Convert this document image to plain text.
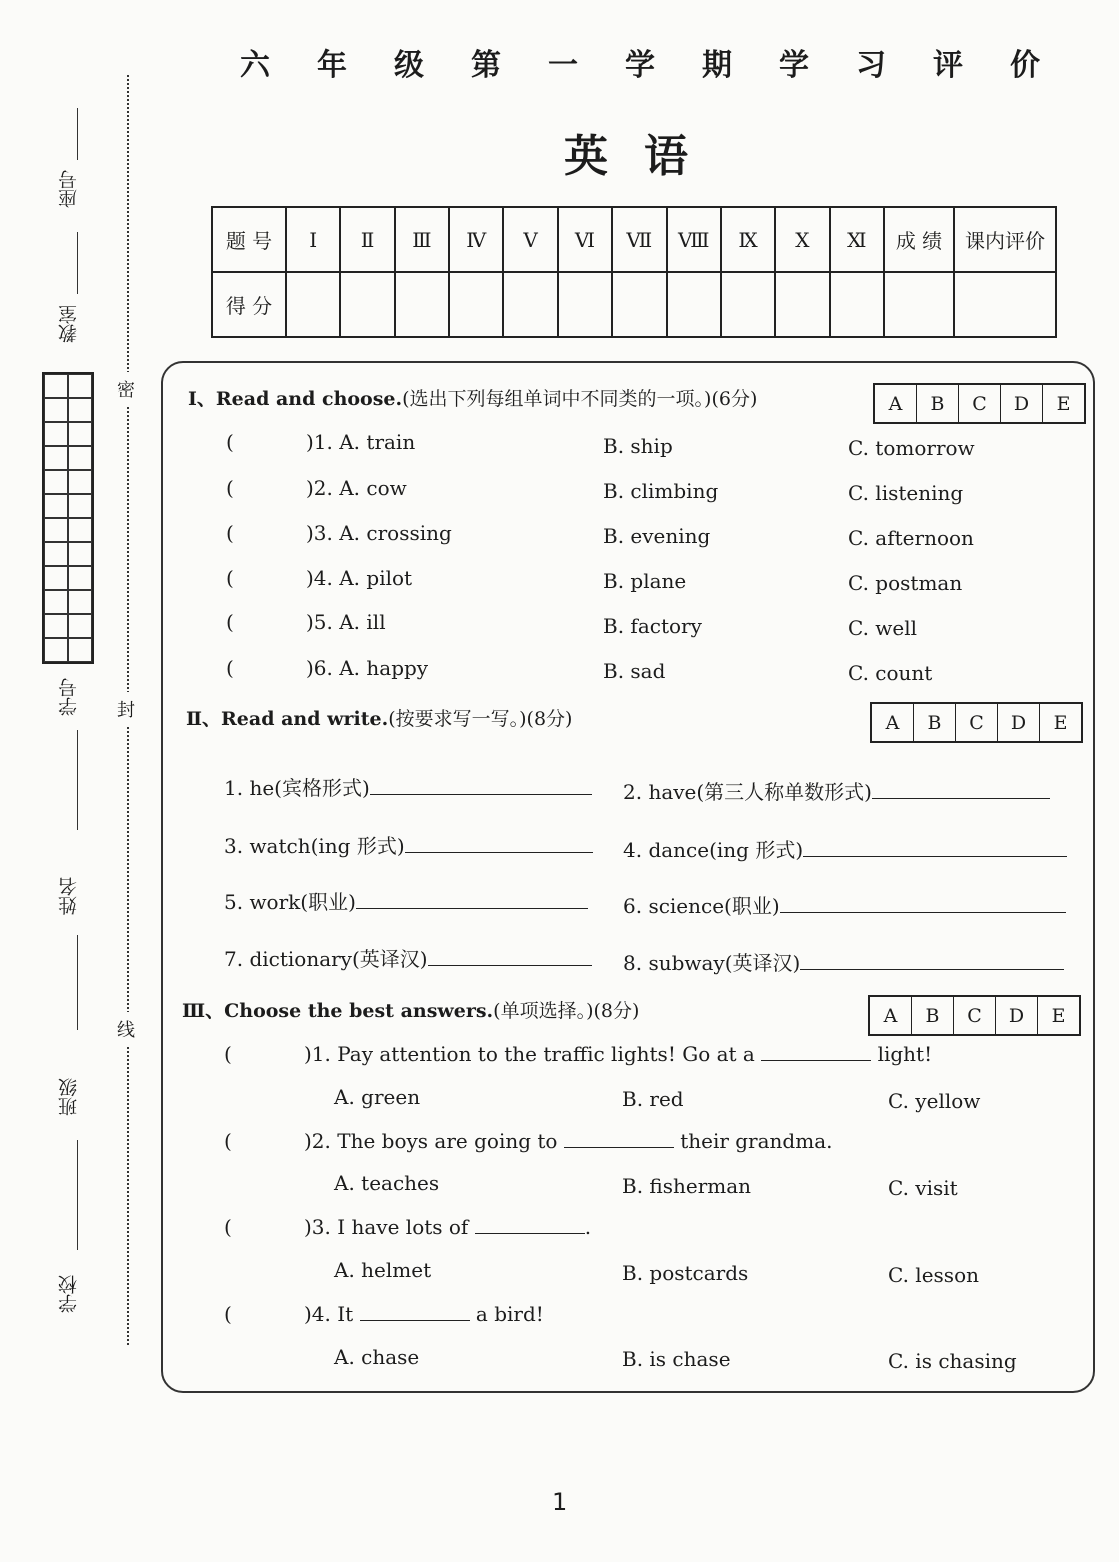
六 年 级 第 一 学 期 学 习 评 价
英语
题 号	Ⅰ	Ⅱ	Ⅲ	Ⅳ	Ⅴ	Ⅵ	Ⅶ	Ⅷ	Ⅸ	Ⅹ	Ⅺ	成 绩	课内评价
得 分													
密
封
线
座号
教室
学号
姓名
班级
学校
Ⅰ、Read and choose.(选出下列每组单词中不同类的一项。)(6分)	A	B	C	D	E
(	)1. A. train	B. ship	C. tomorrow
(	)2. A. cow	B. climbing	C. listening
(	)3. A. crossing	B. evening	C. afternoon
(	)4. A. pilot	B. plane	C. postman
(	)5. A. ill	B. factory	C. well
(	)6. A. happy	B. sad	C. count
Ⅱ、Read and write.(按要求写一写。)(8分)	A	B	C	D	E
1. he(宾格形式)	2. have(第三人称单数形式)
3. watch(ing 形式)	4. dance(ing 形式)
5. work(职业)	6. science(职业)
7. dictionary(英译汉)	8. subway(英译汉)
Ⅲ、Choose the best answers.(单项选择。)(8分)	A	B	C	D	E
(	)1. Pay attention to the traffic lights! Go at a	light!
A. green	B. red	C. yellow
(	)2. The boys are going to	their grandma.
A. teaches	B. fisherman	C. visit
(	)3. I have lots of	.
A. helmet	B. postcards	C. lesson
(	)4. It	a bird!
A. chase	B. is chase	C. is chasing
1
